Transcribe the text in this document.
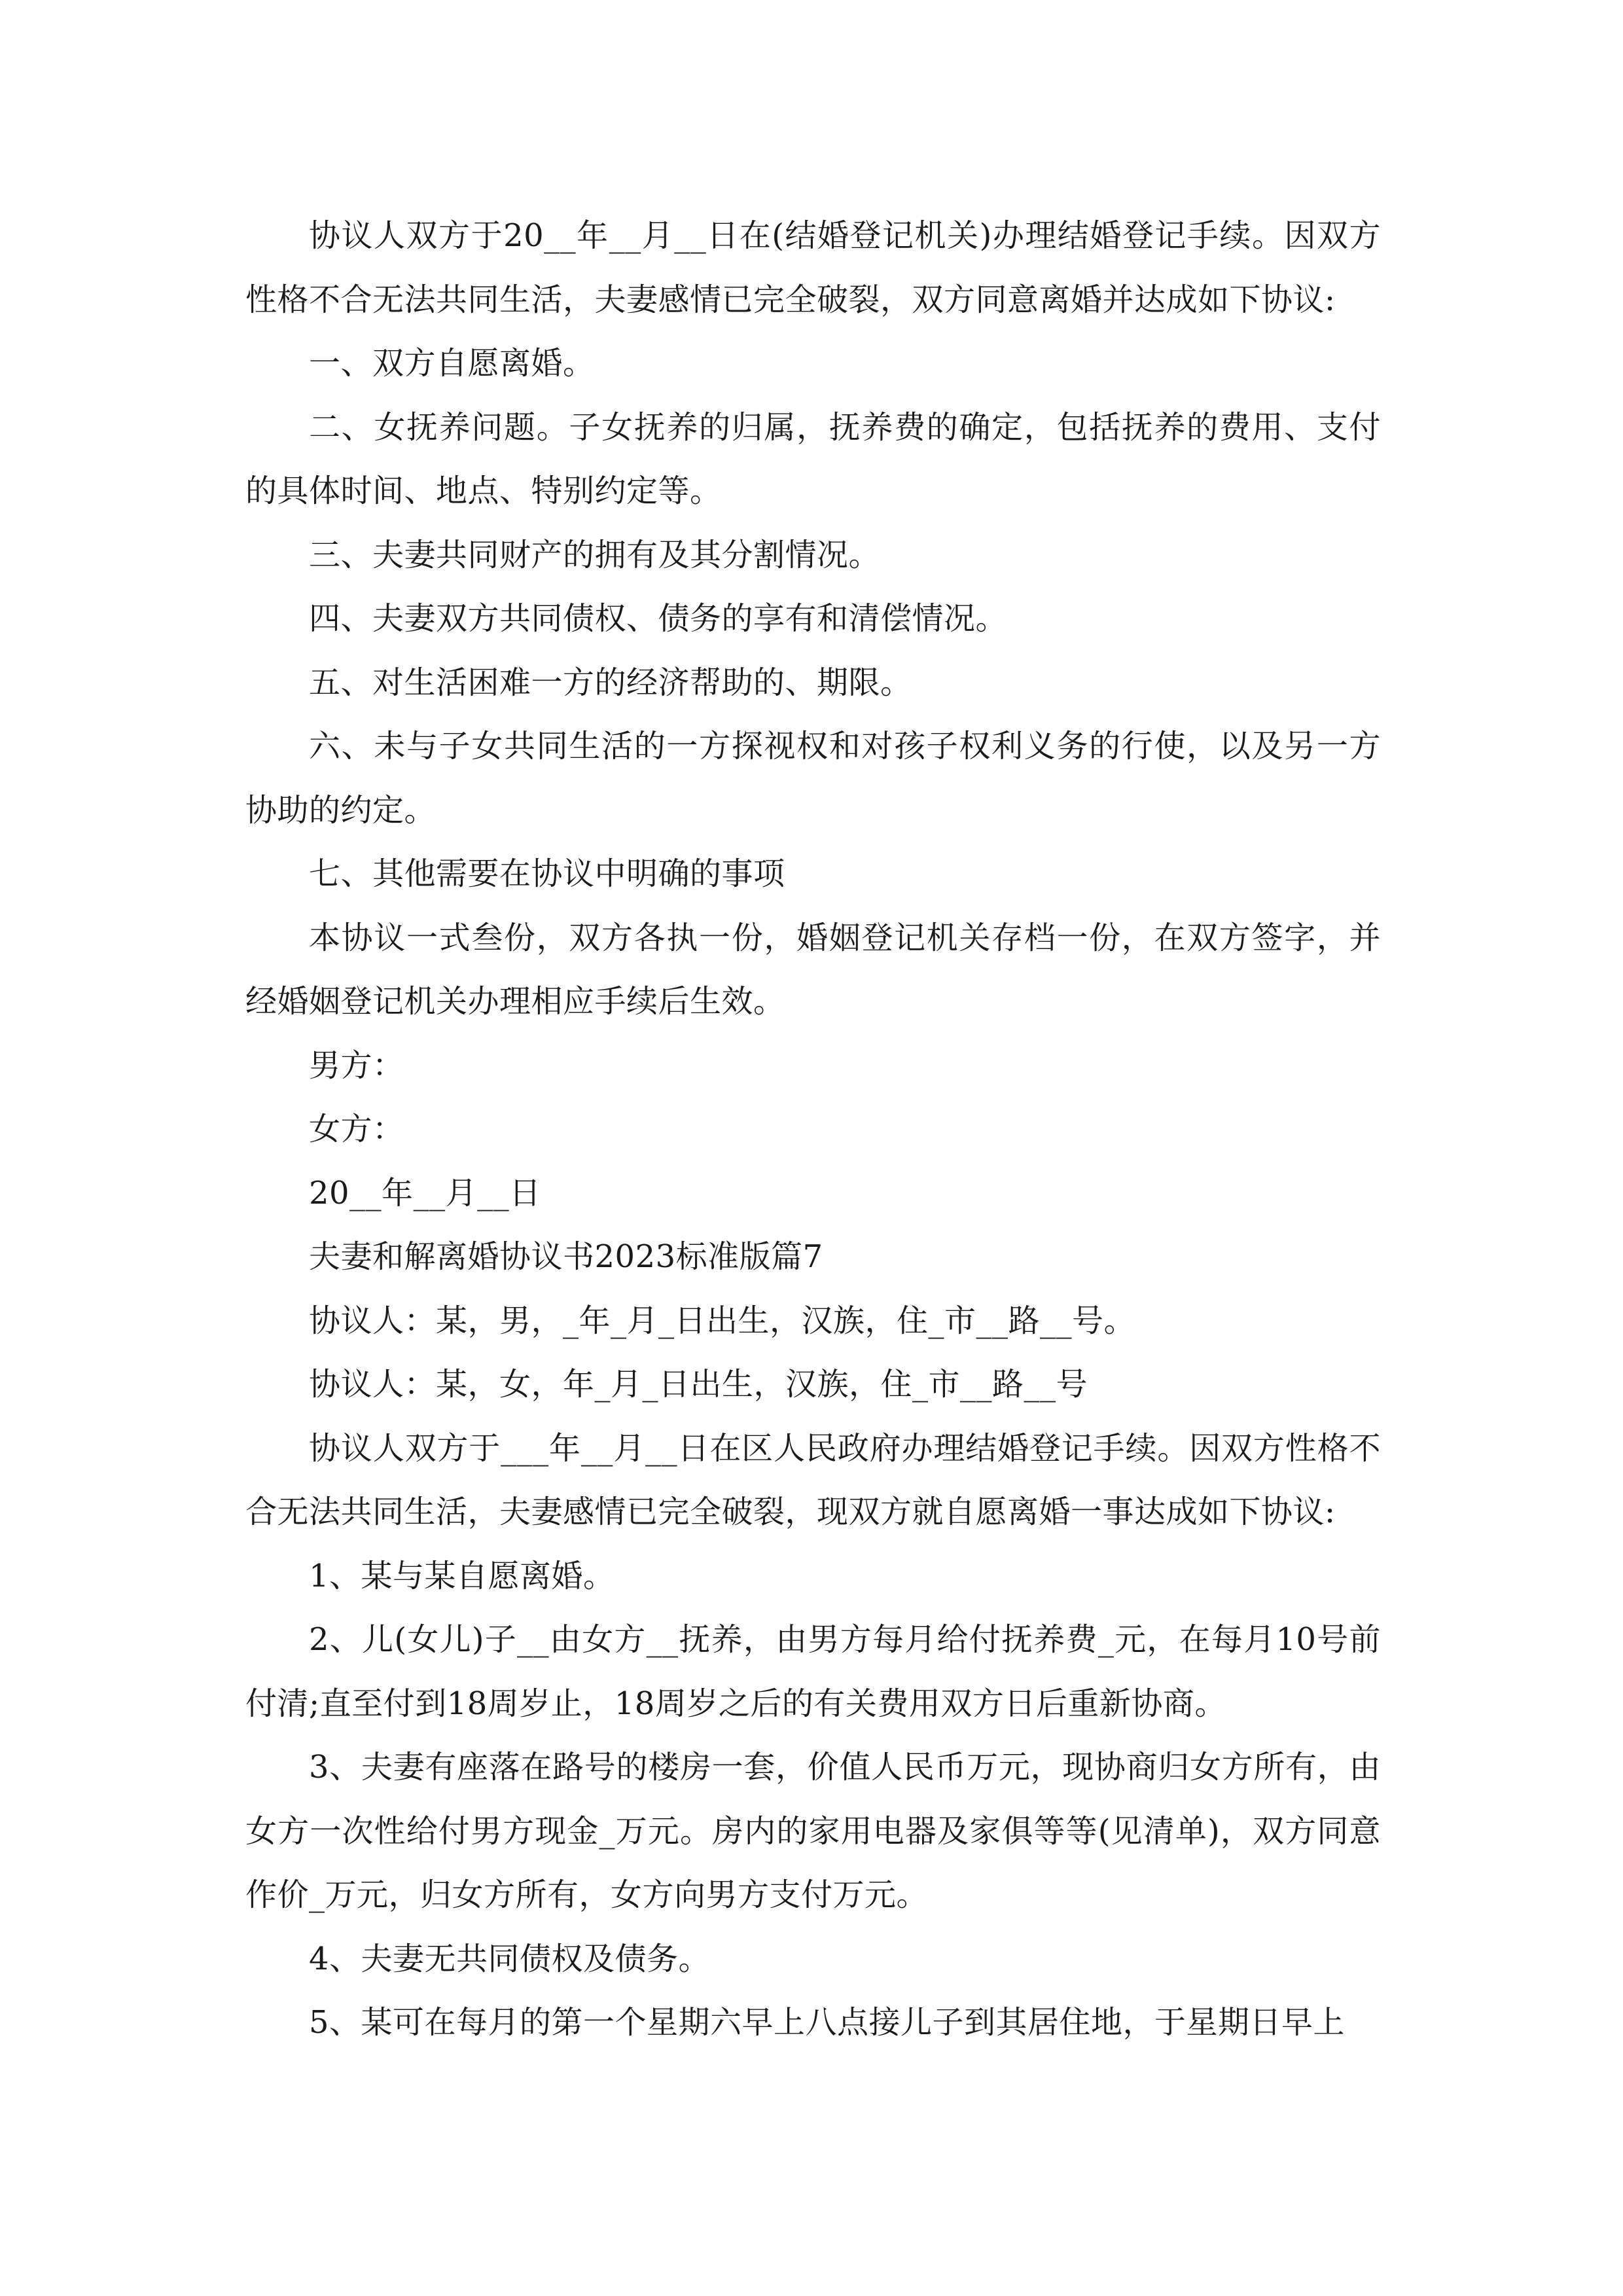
协议人双方于20__年__月__日在(结婚登记机关)办理结婚登记手续。因双方性格不合无法共同生活，夫妻感情已完全破裂，双方同意离婚并达成如下协议:

一、双方自愿离婚。

二、女抚养问题。子女抚养的归属，抚养费的确定，包括抚养的费用、支付的具体时间、地点、特别约定等。

三、夫妻共同财产的拥有及其分割情况。

四、夫妻双方共同债权、债务的享有和清偿情况。

五、对生活困难一方的经济帮助的、期限。

六、未与子女共同生活的一方探视权和对孩子权利义务的行使，以及另一方协助的约定。

七、其他需要在协议中明确的事项

本协议一式叁份，双方各执一份，婚姻登记机关存档一份，在双方签字，并经婚姻登记机关办理相应手续后生效。

男方：

女方：

20__年__月__日

夫妻和解离婚协议书2023标准版篇7

协议人：某，男，_年_月_日出生，汉族，住_市__路__号。

协议人：某，女，年_月_日出生，汉族，住_市__路__号

协议人双方于___年__月__日在区人民政府办理结婚登记手续。因双方性格不合无法共同生活，夫妻感情已完全破裂，现双方就自愿离婚一事达成如下协议:

1、某与某自愿离婚。

2、儿(女儿)子__由女方__抚养，由男方每月给付抚养费_元，在每月10号前付清;直至付到18周岁止，18周岁之后的有关费用双方日后重新协商。

3、夫妻有座落在路号的楼房一套，价值人民币万元，现协商归女方所有，由女方一次性给付男方现金_万元。房内的家用电器及家俱等等(见清单)，双方同意作价_万元，归女方所有，女方向男方支付万元。

4、夫妻无共同债权及债务。

5、某可在每月的第一个星期六早上八点接儿子到其居住地，于星期日早上
